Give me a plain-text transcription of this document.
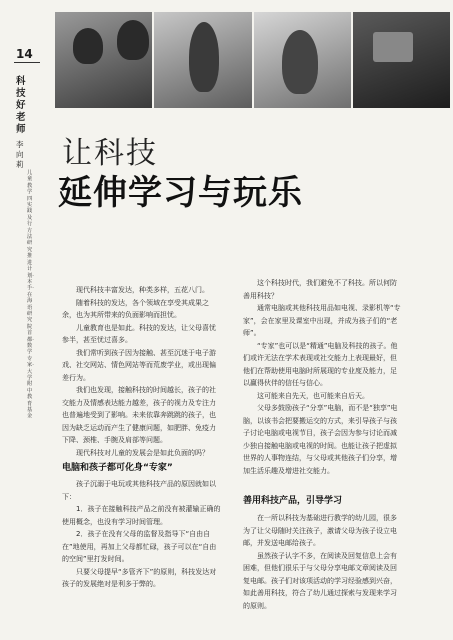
14
科技好老师
李向莉
儿童教学四实践及行方法研究推进计划·本手·在海语研究院首都·数学专家·大学附中教育基金
让科技
延伸学习与玩乐

现代科技丰富发达，种类多样，五花八门。

随着科技的发达，各个领域在享受其成果之余，也为其所带来的负面影响而担忧。

儿童教育也是如此。科技的发达，让父母喜忧参半，甚至忧过喜多。

我们常听到孩子因为接触、甚至沉迷于电子游戏、社交网站、情色网站等而荒废学业，或出现偏差行为。

我们也发现，接触科技的时间越长，孩子的社交能力及情感表达能力越差，孩子的视力及专注力也普遍地受到了影响。未来依靠奔跳跳的孩子，也因为缺乏运动而产生了健康问题，如肥胖、免疫力下降、颈椎、手腕及肩部等问题。

现代科技对儿童的发展会是如此负面的吗？

电脑和孩子都可化身“专家”

孩子沉溺于电玩或其他科技产品的原因就如以下：

1．孩子在接触科技产品之前没有被灌输正确的使用概念，也没有学习时间管理。

2．孩子在没有父母的监督及指导下“自由自在”地使用，再加上父母都忙碌，孩子可以在“自由的空间”里打发时间。

只要父母提早“多管齐下”的原则，科技发达对孩子的发展绝对是利多于弊的。

这个科技时代，我们避免不了科技。所以何防善用科技？

通常电脑或其他科技用品如电视、录影机等“专家”，会在家里及课室中出现，并成为孩子们的“老师”。

“专家”也可以是“精通”电脑及科技的孩子。他们或许无法在学术表现或社交能力上表现最好，但他们在帮助使用电脑时所展现的专业度及能力，足以赢得伙伴的信任与信心。

这可能来自先天，也可能来自后天。

父母多鼓励孩子“分享”电脑，而不是“独享”电脑，以该书会把要搬运交的方式，来引导孩子与孩子讨论电脑或电视节目，孩子会因为参与讨论而减少独自接触电脑或电视的时间。也能让孩子把虚拟世界的人事物连结，与父母或其他孩子们分享，增加生活乐趣及增进社交能力。

善用科技产品，引导学习

在一所以科技为基础进行教学的幼儿园，很多为了让父母随时关注孩子，激请父母为孩子设立电邮，并发送电邮给孩子。

虽然孩子认字不多，在阅读及回复信息上会有困难，但他们很乐于与父母分享电邮文章阅读及回复电邮。孩子们对该项活动的学习经验感到兴奋，如此善用科技，符合了幼儿通过探索与发现来学习的原则。
